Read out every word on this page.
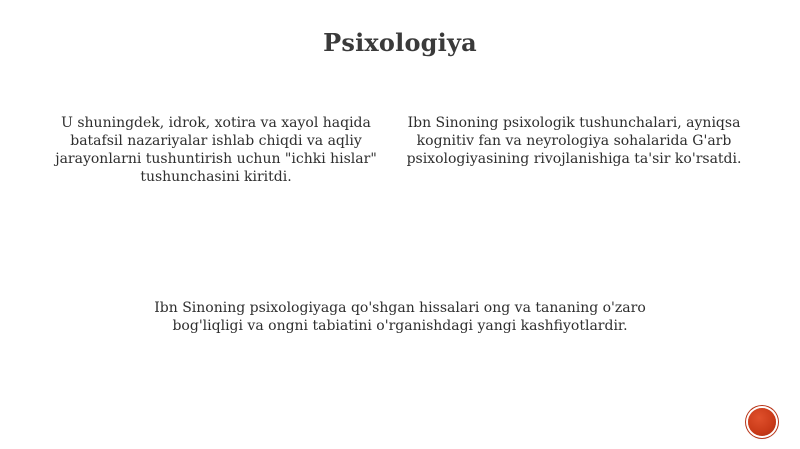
Psixologiya
U shuningdek, idrok, xotira va xayol haqida batafsil nazariyalar ishlab chiqdi va aqliy jarayonlarni tushuntirish uchun "ichki hislar" tushunchasini kiritdi.
Ibn Sinoning psixologik tushunchalari, ayniqsa kognitiv fan va neyrologiya sohalarida G'arb psixologiyasining rivojlanishiga ta'sir ko'rsatdi.
Ibn Sinoning psixologiyaga qo'shgan hissalari ong va tananing o'zaro bog'liqligi va ongni tabiatini o'rganishdagi yangi kashfiyotlardir.
